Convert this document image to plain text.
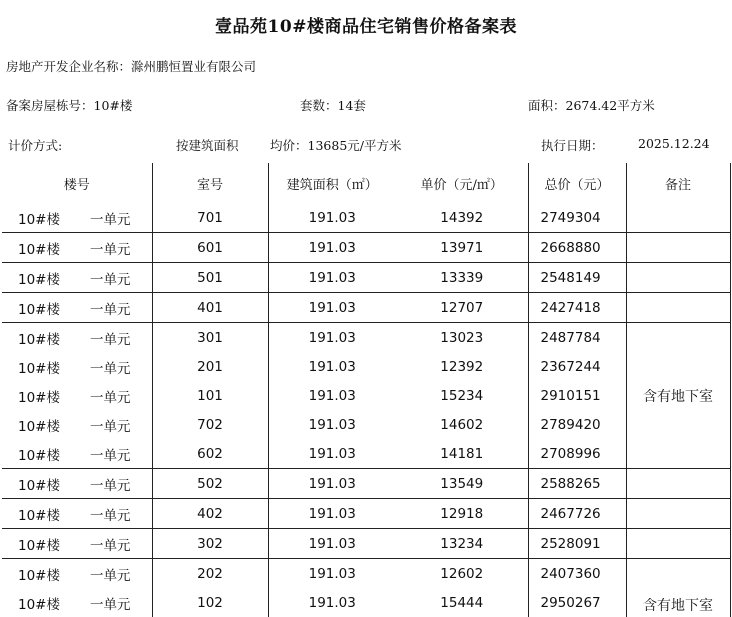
壹品苑10#楼商品住宅销售价格备案表
房地产开发企业名称：滁州鹏恒置业有限公司
备案房屋栋号：10#楼	套数：14套	面积：2674.42平方米
计价方式:	按建筑面积	均价：13685元/平方米	执行日期：	2025.12.24
楼号	室号	建筑面积（㎡）	单价（元/㎡）	总价（元）	备注
10#楼 一单元	701	191.03	14392	2749304	
10#楼 一单元	601	191.03	13971	2668880	
10#楼 一单元	501	191.03	13339	2548149	
10#楼 一单元	401	191.03	12707	2427418	
10#楼 一单元	301	191.03	13023	2487784	含有地下室
10#楼 一单元	201	191.03	12392	2367244	
10#楼 一单元	101	191.03	15234	2910151	
10#楼 一单元	702	191.03	14602	2789420	
10#楼 一单元	602	191.03	14181	2708996	
10#楼 一单元	502	191.03	13549	2588265	
10#楼 一单元	402	191.03	12918	2467726	
10#楼 一单元	302	191.03	13234	2528091	
10#楼 一单元	202	191.03	12602	2407360	含有地下室
10#楼 一单元	102	191.03	15444	2950267	
